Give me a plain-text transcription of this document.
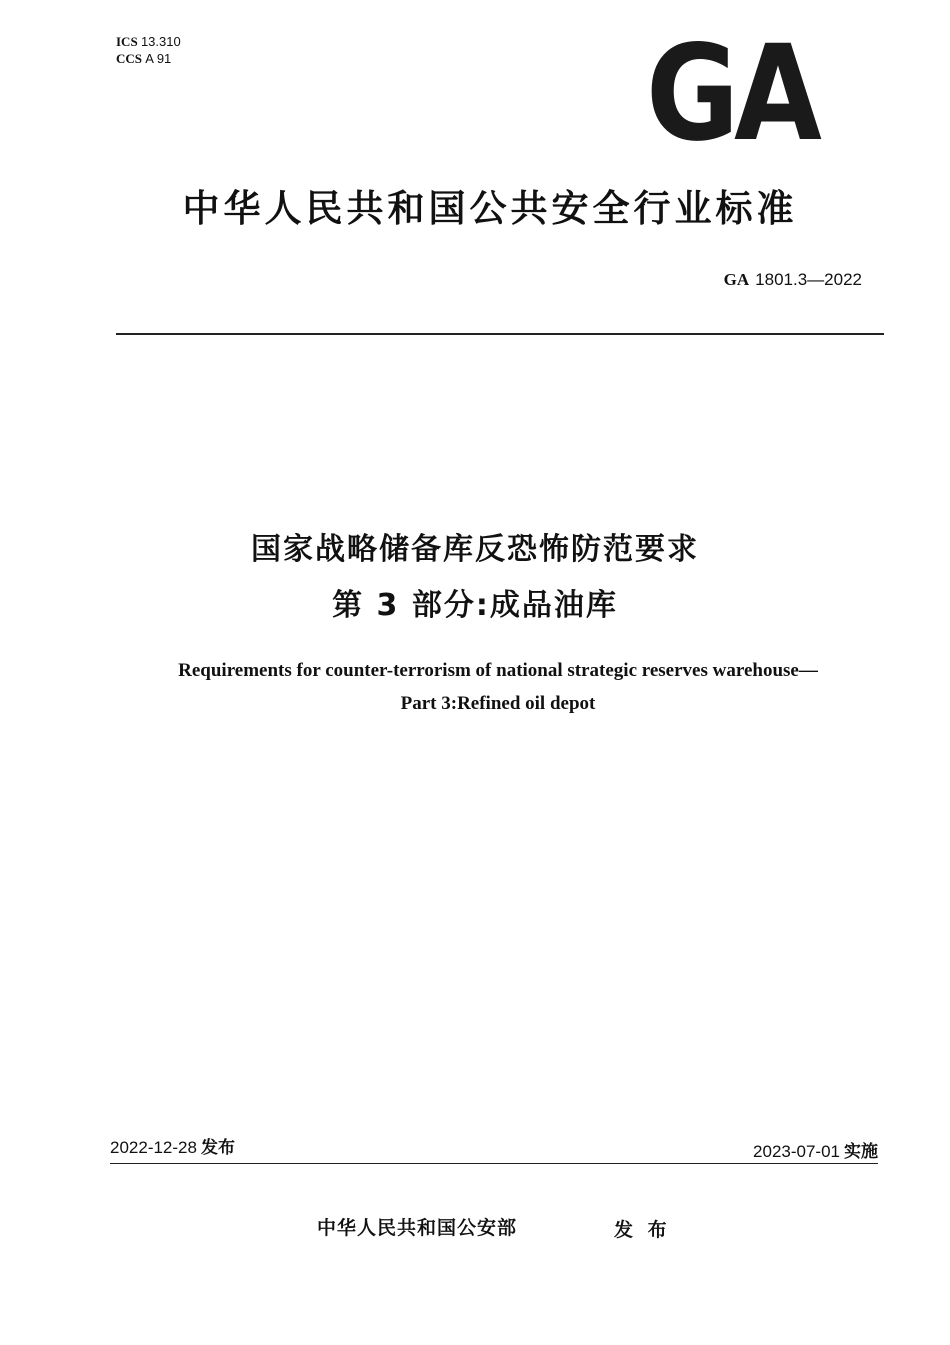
ICS 13.310
CCS A 91	GA
中华人民共和国公共安全行业标准
GA 1801.3—2022
国家战略储备库反恐怖防范要求
第 3 部分:成品油库
Requirements for counter-terrorism of national strategic reserves warehouse—
Part 3:Refined oil depot
2022-12-28 发布	2023-07-01 实施
中华人民共和国公安部	发 布
